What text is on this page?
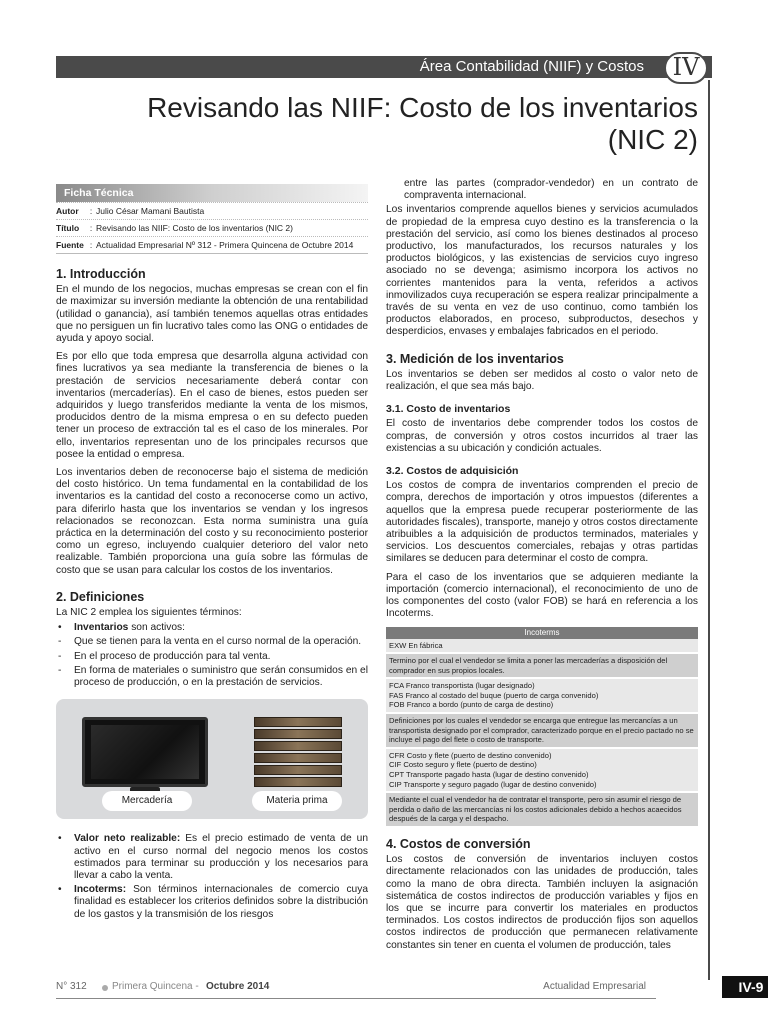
Área Contabilidad (NIIF) y Costos	IV
Revisando las NIIF: Costo de los inventarios
(NIC 2)
Ficha Técnica
Autor	: Julio César Mamani Bautista
Título	: Revisando las NIIF: Costo de los inventarios (NIC 2)
Fuente : Actualidad Empresarial Nº 312 - Primera Quincena de Octubre 2014
1. Introducción

En el mundo de los negocios, muchas empresas se crean con el fin de maximizar su inversión mediante la obtención de una rentabilidad (utilidad o ganancia), así también tenemos aquellas otras entidades que no persiguen un fin lucrativo tales como las ONG o entidades de ayuda y apoyo social.

Es por ello que toda empresa que desarrolla alguna actividad con fines lucrativos ya sea mediante la transferencia de bienes o la prestación de servicios necesariamente deberá contar con inventarios (mercaderías). En el caso de bienes, estos pueden ser adquiridos y luego transferidos mediante la venta de los mismos, producidos dentro de la misma empresa o en su defecto pueden tener un proceso de extracción tal es el caso de los minerales. Por ello, inventarios representan uno de los principales recursos que posee la entidad o empresa.

Los inventarios deben de reconocerse bajo el sistema de medición del costo histórico. Un tema fundamental en la contabilidad de los inventarios es la cantidad del costo a reconocerse como un activo, para diferirlo hasta que los inventarios se vendan y los ingresos relacionados se reconozcan. Esta norma suministra una guía práctica en la determinación del costo y su reconocimiento posterior como un egreso, incluyendo cualquier deterioro del valor neto realizable. También proporciona una guía sobre las fórmulas de costo que se usan para calcular los costos de los inventarios.

2. Definiciones

La NIC 2 emplea los siguientes términos:

• Inventarios son activos:
- Que se tienen para la venta en el curso normal de la operación.
- En el proceso de producción para tal venta.
- En forma de materiales o suministro que serán consumidos en el proceso de producción, o en la prestación de servicios.
Mercadería	Materia prima
• Valor neto realizable: Es el precio estimado de venta de un activo en el curso normal del negocio menos los costos estimados para terminar su producción y los necesarios para llevar a cabo la venta.
• Incoterms: Son términos internacionales de comercio cuya finalidad es establecer los criterios definidos sobre la distribución de los gastos y la transmisión de los riesgos

entre las partes (comprador-vendedor) en un contrato de compraventa internacional.

Los inventarios comprende aquellos bienes y servicios acumulados de propiedad de la empresa cuyo destino es la transferencia o la prestación del servicio, así como los bienes destinados al proceso productivo, los manufacturados, los recursos naturales y los productos biológicos, y las existencias de servicios cuyo ingreso asociado no se devenga; asimismo incorpora los activos no corrientes mantenidos para la venta, referidos a activos inmovilizados cuya recuperación se espera realizar principalmente a través de su venta en vez de uso continuo, como también los productos elaborados, en proceso, subproductos, desechos y desperdicios, envases y embalajes fabricados en el periodo.

3. Medición de los inventarios

Los inventarios se deben ser medidos al costo o valor neto de realización, el que sea más bajo.

3.1. Costo de inventarios

El costo de inventarios debe comprender todos los costos de compras, de conversión y otros costos incurridos al traer las existencias a su ubicación y condición actuales.

3.2. Costos de adquisición

Los costos de compra de inventarios comprenden el precio de compra, derechos de importación y otros impuestos (diferentes a aquellos que la empresa puede recuperar posteriormente de las autoridades fiscales), transporte, manejo y otros costos directamente atribuibles a la adquisición de productos terminados, materiales y servicios. Los descuentos comerciales, rebajas y otras partidas similares se deducen para determinar el costo de compra.

Para el caso de los inventarios que se adquieren mediante la importación (comercio internacional), el reconocimiento de uno de los componentes del costo (valor FOB) se hará en referencia a los Incoterms.

Incoterms
EXW En fábrica
Termino por el cual el vendedor se limita a poner las mercaderías a disposición del comprador en sus propios locales.
FCA Franco transportista (lugar designado)
FAS Franco al costado del buque (puerto de carga convenido)
FOB Franco a bordo (punto de carga de destino)
Definiciones por los cuales el vendedor se encarga que entregue las mercancías a un transportista designado por el comprador, caracterizado porque en el precio pactado no se incluye el pago del flete o costo de transporte.
CFR Costo y flete (puerto de destino convenido)
CIF Costo seguro y flete (puerto de destino)
CPT Transporte pagado hasta (lugar de destino convenido)
CIP Transporte y seguro pagado (lugar de destino convenido)
Mediante el cual el vendedor ha de contratar el transporte, pero sin asumir el riesgo de perdida o daño de las mercancías ni los costos adicionales debido a hechos acaecidos después de la carga y el despacho.
4. Costos de conversión

Los costos de conversión de inventarios incluyen costos directamente relacionados con las unidades de producción, tales como la mano de obra directa. También incluyen la asignación sistemática de costos indirectos de producción variables y fijos en los que se incurre para convertir los materiales en productos terminados. Los costos indirectos de producción fijos son aquellos costos indirectos de producción que permanecen relativamente constantes sin tener en cuenta el volumen de producción, tales

N° 312	Primera Quincena - Octubre 2014	Actualidad Empresarial	IV-9
